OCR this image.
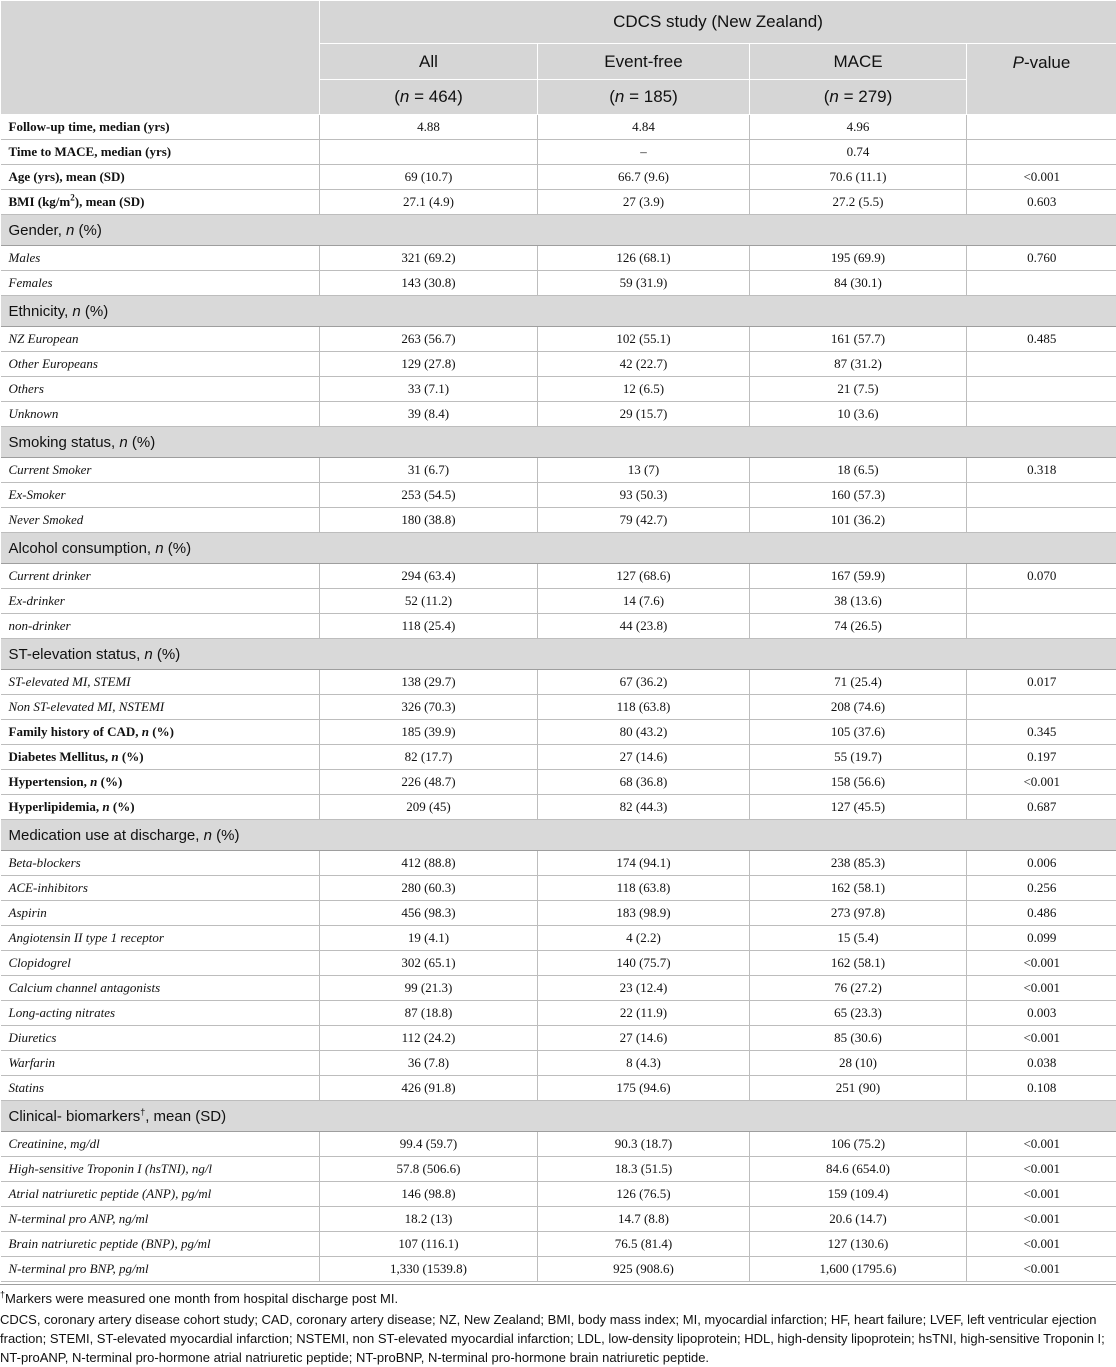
	CDCS study (New Zealand)			
	All	Event-free	MACE	P-value
	(n = 464)	(n = 185)	(n = 279)	
Follow-up time, median (yrs)	4.88	4.84	4.96	
Time to MACE, median (yrs)		–	0.74	
Age (yrs), mean (SD)	69 (10.7)	66.7 (9.6)	70.6 (11.1)	<0.001
BMI $(kg/m^2)$, mean (SD)	27.1 (4.9)	27 (3.9)	27.2 (5.5)	0.603
Gender, n (%)				
Males	321 (69.2)	126 (68.1)	195 (69.9)	0.760
Females	143 (30.8)	59 (31.9)	84 (30.1)	
Ethnicity, n (%)				
NZ European	263 (56.7)	102 (55.1)	161 (57.7)	0.485
Other Europeans	129 (27.8)	42 (22.7)	87 (31.2)	
Others	33 (7.1)	12 (6.5)	21 (7.5)	
Unknown	39 (8.4)	29 (15.7)	10 (3.6)	
Smoking status, n (%)				
Current Smoker	31 (6.7)	13 (7)	18 (6.5)	0.318
Ex-Smoker	253 (54.5)	93 (50.3)	160 (57.3)	
Never Smoked	180 (38.8)	79 (42.7)	101 (36.2)	
Alcohol consumption, n (%)				
Current drinker	294 (63.4)	127 (68.6)	167 (59.9)	0.070
Ex-drinker	52 (11.2)	14 (7.6)	38 (13.6)	
non-drinker	118 (25.4)	44 (23.8)	74 (26.5)	
ST-elevation status, n (%)				
ST-elevated MI, STEMI	138 (29.7)	67 (36.2)	71 (25.4)	0.017
Non ST-elevated MI, NSTEMI	326 (70.3)	118 (63.8)	208 (74.6)	
Family history of CAD, n (%)	185 (39.9)	80 (43.2)	105 (37.6)	0.345
Diabetes Mellitus, n (%)	82 (17.7)	27 (14.6)	55 (19.7)	0.197
Hypertension, n (%)	226 (48.7)	68 (36.8)	158 (56.6)	<0.001
Hyperlipidemia, n (%)	209 (45)	82 (44.3)	127 (45.5)	0.687
Medication use at discharge, n (%)				
Beta-blockers	412 (88.8)	174 (94.1)	238 (85.3)	0.006
ACE-inhibitors	280 (60.3)	118 (63.8)	162 (58.1)	0.256
Aspirin	456 (98.3)	183 (98.9)	273 (97.8)	0.486
Angiotensin II type 1 receptor	19 (4.1)	4 (2.2)	15 (5.4)	0.099
Clopidogrel	302 (65.1)	140 (75.7)	162 (58.1)	<0.001
Calcium channel antagonists	99 (21.3)	23 (12.4)	76 (27.2)	<0.001
Long-acting nitrates	87 (18.8)	22 (11.9)	65 (23.3)	0.003
Diuretics	112 (24.2)	27 (14.6)	85 (30.6)	<0.001
Warfarin	36 (7.8)	8 (4.3)	28 (10)	0.038
Statins	426 (91.8)	175 (94.6)	251 (90)	0.108
Clinical- biomarkers†, mean (SD)				
Creatinine, mg/dl	99.4 (59.7)	90.3 (18.7)	106 (75.2)	<0.001
High-sensitive Troponin I (hsTNI), ng/l	57.8 (506.6)	18.3 (51.5)	84.6 (654.0)	<0.001
Atrial natriuretic peptide (ANP), pg/ml	146 (98.8)	126 (76.5)	159 (109.4)	<0.001
N-terminal pro ANP, ng/ml	18.2 (13)	14.7 (8.8)	20.6 (14.7)	<0.001
Brain natriuretic peptide (BNP), pg/ml	107 (116.1)	76.5 (81.4)	127 (130.6)	<0.001
N-terminal pro BNP, pg/ml	1,330 (1539.8)	925 (908.6)	1,600 (1795.6)	<0.001

†Markers were measured one month from hospital discharge post MI.

CDCS, coronary artery disease cohort study; CAD, coronary artery disease; NZ, New Zealand; BMI, body mass index; MI, myocardial infarction; HF, heart failure; LVEF, left ventricular ejection fraction; STEMI, ST-elevated myocardial infarction; NSTEMI, non ST-elevated myocardial infarction; LDL, low-density lipoprotein; HDL, high-density lipoprotein; hsTNI, high-sensitive Troponin I; NT-proANP, N-terminal pro-hormone atrial natriuretic peptide; NT-proBNP, N-terminal pro-hormone brain natriuretic peptide.
